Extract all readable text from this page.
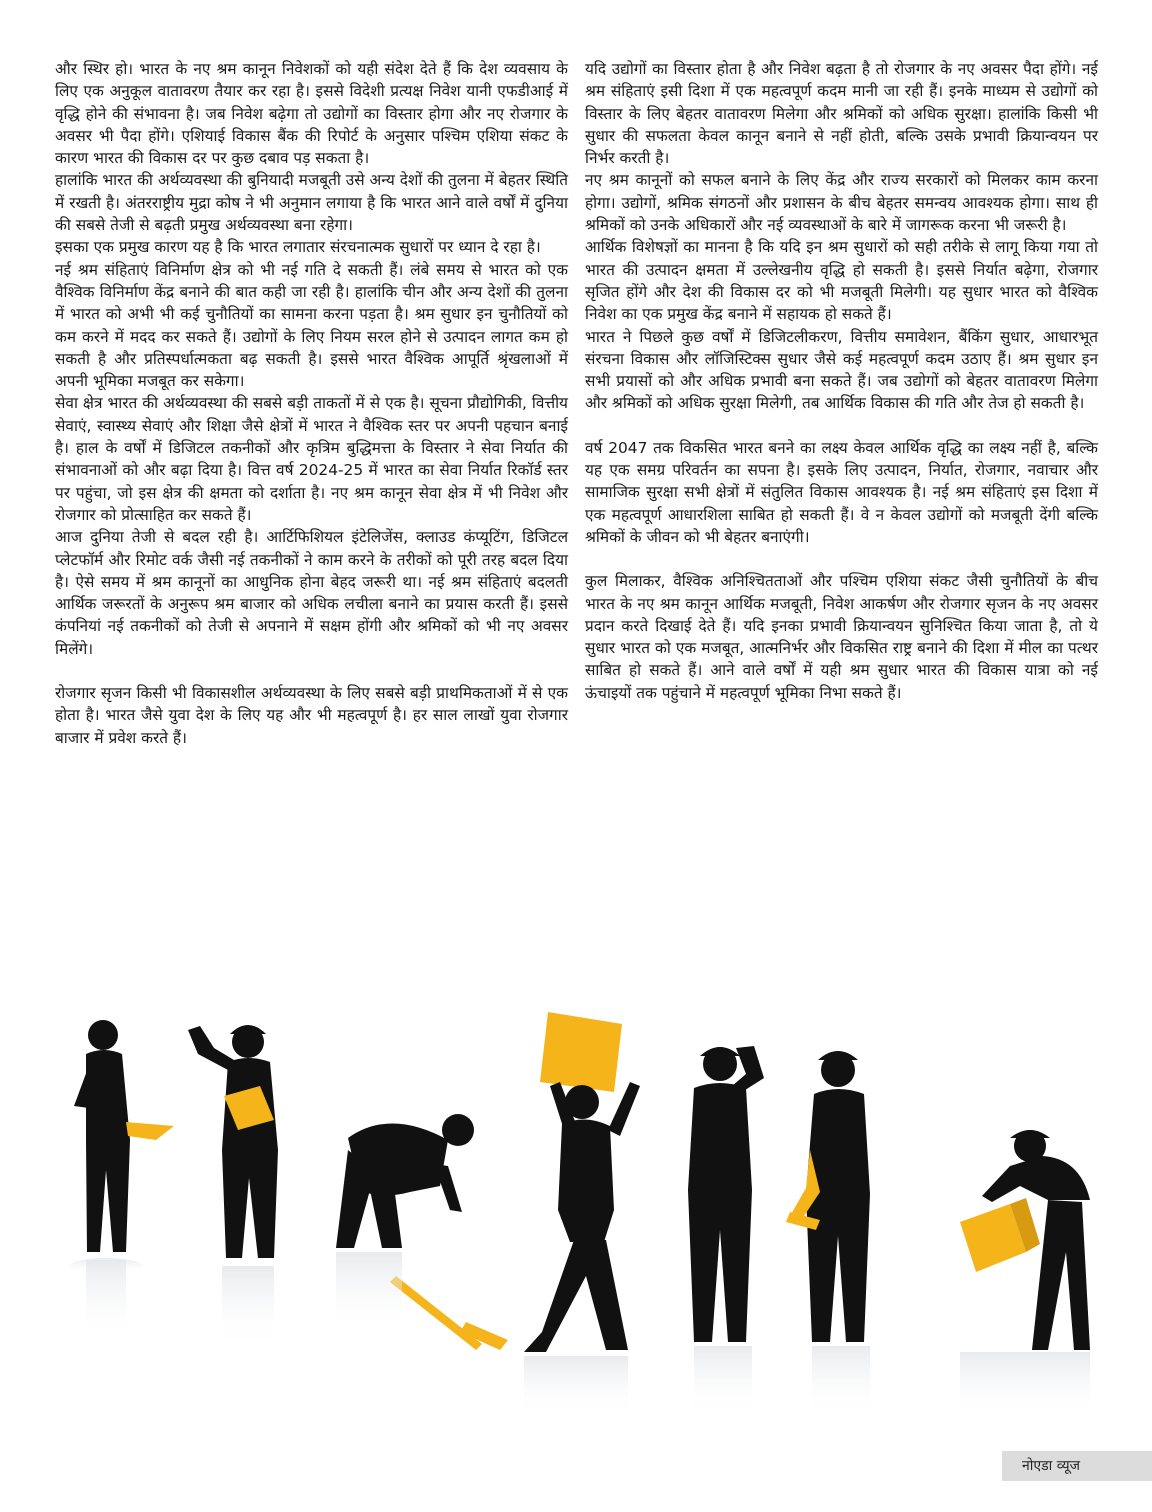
और स्थिर हो। भारत के नए श्रम कानून निवेशकों को यही संदेश देते हैं कि देश व्यवसाय के लिए एक अनुकूल वातावरण तैयार कर रहा है। इससे विदेशी प्रत्यक्ष निवेश यानी एफडीआई में वृद्धि होने की संभावना है। जब निवेश बढ़ेगा तो उद्योगों का विस्तार होगा और नए रोजगार के अवसर भी पैदा होंगे। एशियाई विकास बैंक की रिपोर्ट के अनुसार पश्चिम एशिया संकट के कारण भारत की विकास दर पर कुछ दबाव पड़ सकता है।

हालांकि भारत की अर्थव्यवस्था की बुनियादी मजबूती उसे अन्य देशों की तुलना में बेहतर स्थिति में रखती है। अंतरराष्ट्रीय मुद्रा कोष ने भी अनुमान लगाया है कि भारत आने वाले वर्षों में दुनिया की सबसे तेजी से बढ़ती प्रमुख अर्थव्यवस्था बना रहेगा।

इसका एक प्रमुख कारण यह है कि भारत लगातार संरचनात्मक सुधारों पर ध्यान दे रहा है।

नई श्रम संहिताएं विनिर्माण क्षेत्र को भी नई गति दे सकती हैं। लंबे समय से भारत को एक वैश्विक विनिर्माण केंद्र बनाने की बात कही जा रही है। हालांकि चीन और अन्य देशों की तुलना में भारत को अभी भी कई चुनौतियों का सामना करना पड़ता है। श्रम सुधार इन चुनौतियों को कम करने में मदद कर सकते हैं। उद्योगों के लिए नियम सरल होने से उत्पादन लागत कम हो सकती है और प्रतिस्पर्धात्मकता बढ़ सकती है। इससे भारत वैश्विक आपूर्ति श्रृंखलाओं में अपनी भूमिका मजबूत कर सकेगा।

सेवा क्षेत्र भारत की अर्थव्यवस्था की सबसे बड़ी ताकतों में से एक है। सूचना प्रौद्योगिकी, वित्तीय सेवाएं, स्वास्थ्य सेवाएं और शिक्षा जैसे क्षेत्रों में भारत ने वैश्विक स्तर पर अपनी पहचान बनाई है। हाल के वर्षों में डिजिटल तकनीकों और कृत्रिम बुद्धिमत्ता के विस्तार ने सेवा निर्यात की संभावनाओं को और बढ़ा दिया है। वित्त वर्ष 2024-25 में भारत का सेवा निर्यात रिकॉर्ड स्तर पर पहुंचा, जो इस क्षेत्र की क्षमता को दर्शाता है। नए श्रम कानून सेवा क्षेत्र में भी निवेश और रोजगार को प्रोत्साहित कर सकते हैं।

आज दुनिया तेजी से बदल रही है। आर्टिफिशियल इंटेलिजेंस, क्लाउड कंप्यूटिंग, डिजिटल प्लेटफॉर्म और रिमोट वर्क जैसी नई तकनीकों ने काम करने के तरीकों को पूरी तरह बदल दिया है। ऐसे समय में श्रम कानूनों का आधुनिक होना बेहद जरूरी था। नई श्रम संहिताएं बदलती आर्थिक जरूरतों के अनुरूप श्रम बाजार को अधिक लचीला बनाने का प्रयास करती हैं। इससे कंपनियां नई तकनीकों को तेजी से अपनाने में सक्षम होंगी और श्रमिकों को भी नए अवसर मिलेंगे।

रोजगार सृजन किसी भी विकासशील अर्थव्यवस्था के लिए सबसे बड़ी प्राथमिकताओं में से एक होता है। भारत जैसे युवा देश के लिए यह और भी महत्वपूर्ण है। हर साल लाखों युवा रोजगार बाजार में प्रवेश करते हैं।

यदि उद्योगों का विस्तार होता है और निवेश बढ़ता है तो रोजगार के नए अवसर पैदा होंगे। नई श्रम संहिताएं इसी दिशा में एक महत्वपूर्ण कदम मानी जा रही हैं। इनके माध्यम से उद्योगों को विस्तार के लिए बेहतर वातावरण मिलेगा और श्रमिकों को अधिक सुरक्षा। हालांकि किसी भी सुधार की सफलता केवल कानून बनाने से नहीं होती, बल्कि उसके प्रभावी क्रियान्वयन पर निर्भर करती है।

नए श्रम कानूनों को सफल बनाने के लिए केंद्र और राज्य सरकारों को मिलकर काम करना होगा। उद्योगों, श्रमिक संगठनों और प्रशासन के बीच बेहतर समन्वय आवश्यक होगा। साथ ही श्रमिकों को उनके अधिकारों और नई व्यवस्थाओं के बारे में जागरूक करना भी जरूरी है।

आर्थिक विशेषज्ञों का मानना है कि यदि इन श्रम सुधारों को सही तरीके से लागू किया गया तो भारत की उत्पादन क्षमता में उल्लेखनीय वृद्धि हो सकती है। इससे निर्यात बढ़ेगा, रोजगार सृजित होंगे और देश की विकास दर को भी मजबूती मिलेगी। यह सुधार भारत को वैश्विक निवेश का एक प्रमुख केंद्र बनाने में सहायक हो सकते हैं।

भारत ने पिछले कुछ वर्षों में डिजिटलीकरण, वित्तीय समावेशन, बैंकिंग सुधार, आधारभूत संरचना विकास और लॉजिस्टिक्स सुधार जैसे कई महत्वपूर्ण कदम उठाए हैं। श्रम सुधार इन सभी प्रयासों को और अधिक प्रभावी बना सकते हैं। जब उद्योगों को बेहतर वातावरण मिलेगा और श्रमिकों को अधिक सुरक्षा मिलेगी, तब आर्थिक विकास की गति और तेज हो सकती है।

वर्ष 2047 तक विकसित भारत बनने का लक्ष्य केवल आर्थिक वृद्धि का लक्ष्य नहीं है, बल्कि यह एक समग्र परिवर्तन का सपना है। इसके लिए उत्पादन, निर्यात, रोजगार, नवाचार और सामाजिक सुरक्षा सभी क्षेत्रों में संतुलित विकास आवश्यक है। नई श्रम संहिताएं इस दिशा में एक महत्वपूर्ण आधारशिला साबित हो सकती हैं। वे न केवल उद्योगों को मजबूती देंगी बल्कि श्रमिकों के जीवन को भी बेहतर बनाएंगी।

कुल मिलाकर, वैश्विक अनिश्चितताओं और पश्चिम एशिया संकट जैसी चुनौतियों के बीच भारत के नए श्रम कानून आर्थिक मजबूती, निवेश आकर्षण और रोजगार सृजन के नए अवसर प्रदान करते दिखाई देते हैं। यदि इनका प्रभावी क्रियान्वयन सुनिश्चित किया जाता है, तो ये सुधार भारत को एक मजबूत, आत्मनिर्भर और विकसित राष्ट्र बनाने की दिशा में मील का पत्थर साबित हो सकते हैं। आने वाले वर्षों में यही श्रम सुधार भारत की विकास यात्रा को नई ऊंचाइयों तक पहुंचाने में महत्वपूर्ण भूमिका निभा सकते हैं।

नोएडा व्यूज
